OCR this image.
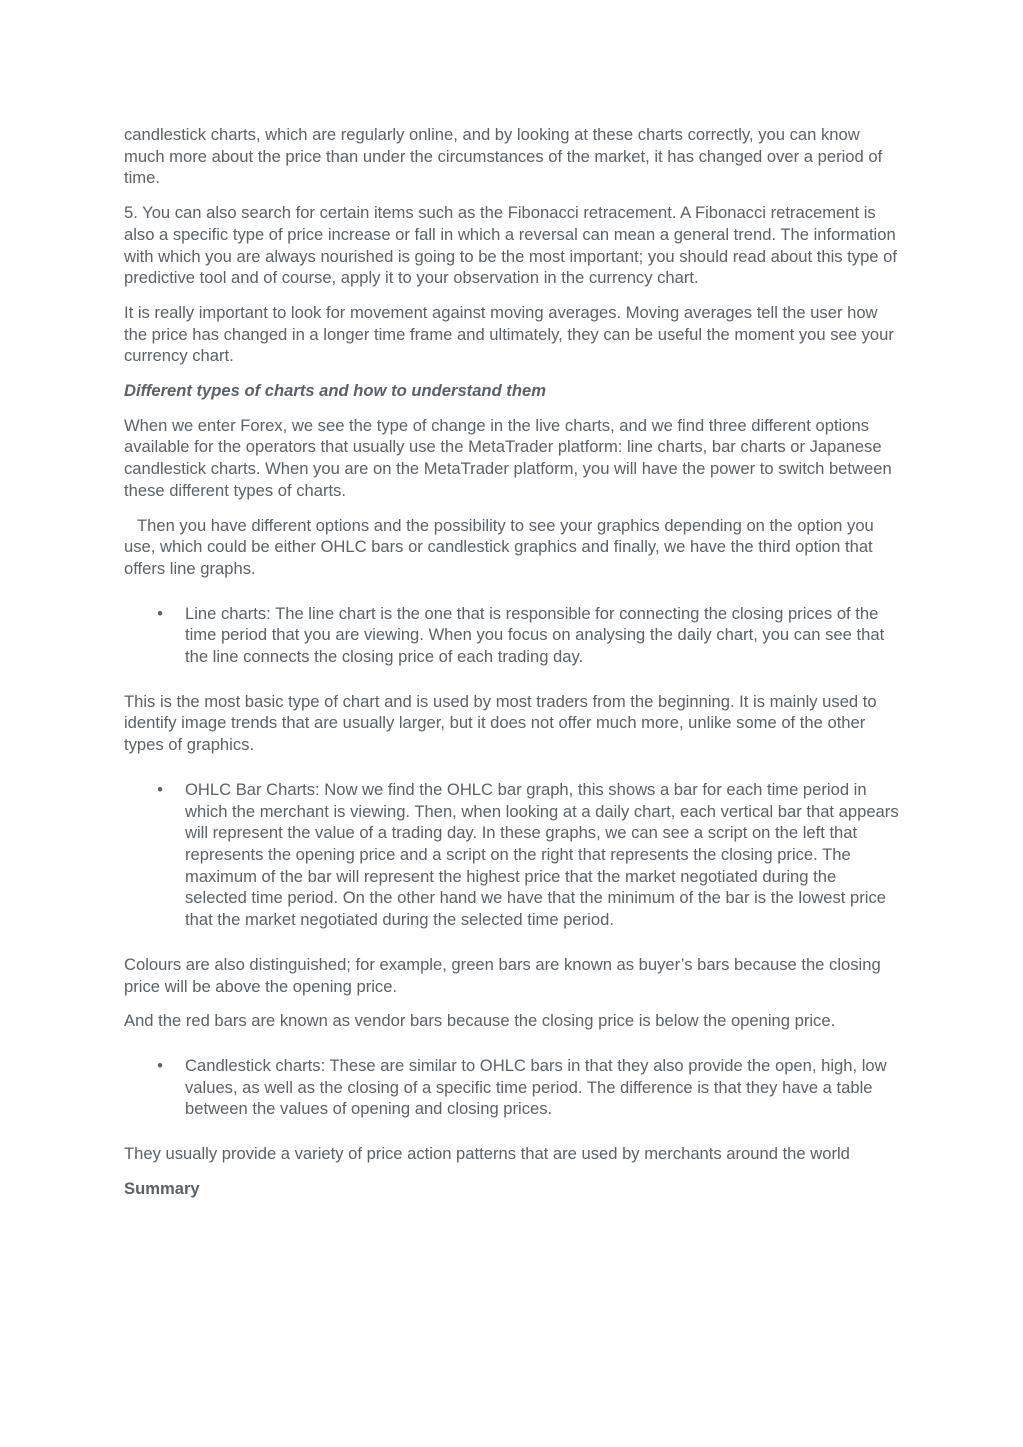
candlestick charts, which are regularly online, and by looking at these charts correctly, you can know much more about the price than under the circumstances of the market, it has changed over a period of time.

5. You can also search for certain items such as the Fibonacci retracement. A Fibonacci retracement is also a specific type of price increase or fall in which a reversal can mean a general trend. The information with which you are always nourished is going to be the most important; you should read about this type of predictive tool and of course, apply it to your observation in the currency chart.

It is really important to look for movement against moving averages. Moving averages tell the user how the price has changed in a longer time frame and ultimately, they can be useful the moment you see your currency chart.

Different types of charts and how to understand them

When we enter Forex, we see the type of change in the live charts, and we find three different options available for the operators that usually use the MetaTrader platform: line charts, bar charts or Japanese candlestick charts. When you are on the MetaTrader platform, you will have the power to switch between these different types of charts.

Then you have different options and the possibility to see your graphics depending on the option you use, which could be either OHLC bars or candlestick graphics and finally, we have the third option that offers line graphs.

• Line charts: The line chart is the one that is responsible for connecting the closing prices of the time period that you are viewing. When you focus on analysing the daily chart, you can see that the line connects the closing price of each trading day.

This is the most basic type of chart and is used by most traders from the beginning. It is mainly used to identify image trends that are usually larger, but it does not offer much more, unlike some of the other types of graphics.

• OHLC Bar Charts: Now we find the OHLC bar graph, this shows a bar for each time period in which the merchant is viewing. Then, when looking at a daily chart, each vertical bar that appears will represent the value of a trading day. In these graphs, we can see a script on the left that represents the opening price and a script on the right that represents the closing price. The maximum of the bar will represent the highest price that the market negotiated during the selected time period. On the other hand we have that the minimum of the bar is the lowest price that the market negotiated during the selected time period.

Colours are also distinguished; for example, green bars are known as buyer’s bars because the closing price will be above the opening price.

And the red bars are known as vendor bars because the closing price is below the opening price.

• Candlestick charts: These are similar to OHLC bars in that they also provide the open, high, low values, as well as the closing of a specific time period. The difference is that they have a table between the values of opening and closing prices.

They usually provide a variety of price action patterns that are used by merchants around the world

Summary
